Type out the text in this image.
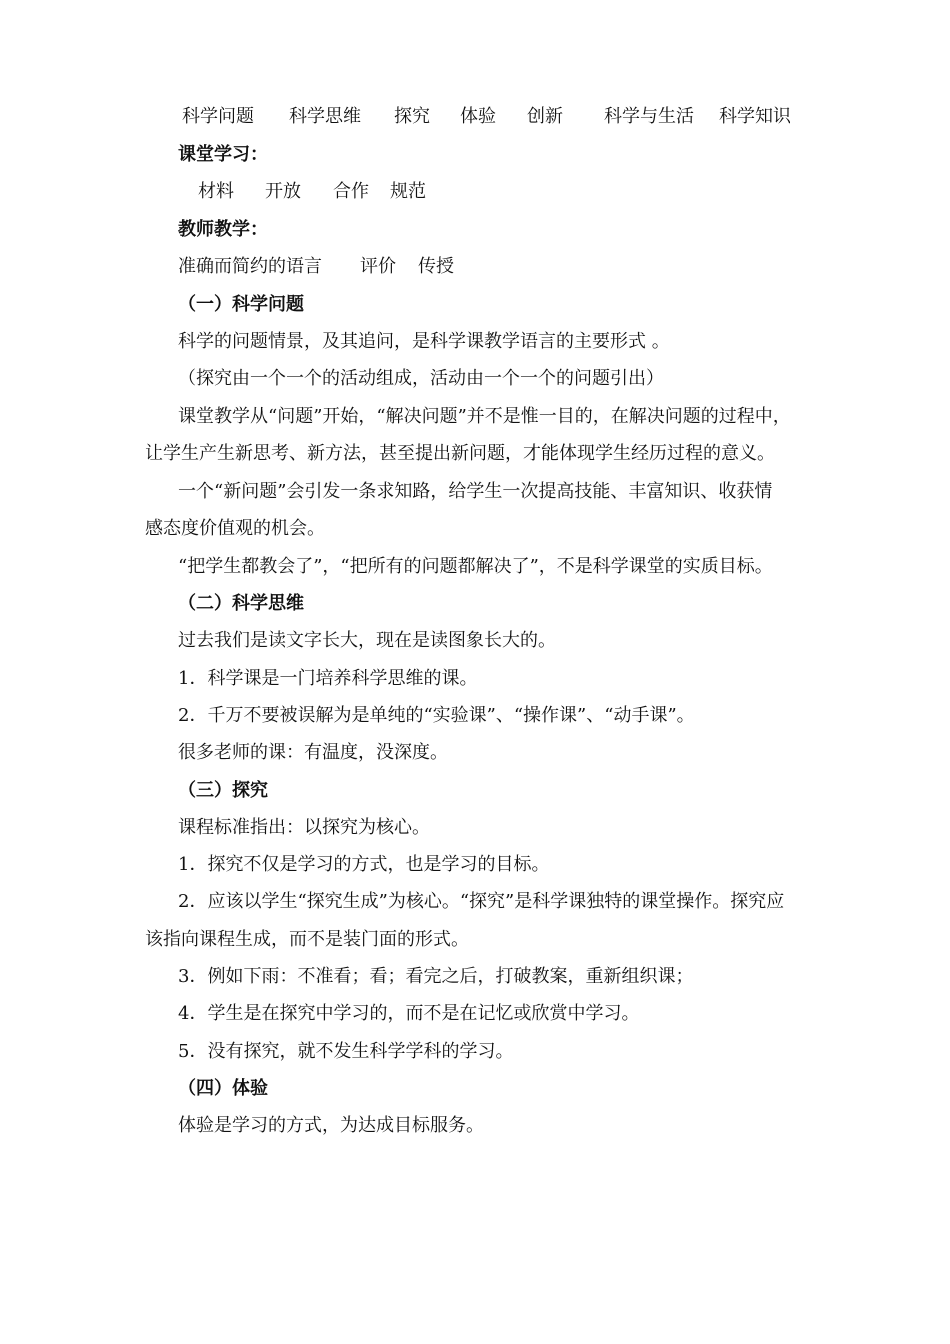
科学问题 科学思维 探究 体验 创新 科学与生活 科学知识
课堂学习：
材料 开放 合作 规范
教师教学：
准确而简约的语言 评价 传授
（一）科学问题
科学的问题情景，及其追问，是科学课教学语言的主要形式 。
（探究由一个一个的活动组成，活动由一个一个的问题引出）
课堂教学从“问题”开始，“解决问题”并不是惟一目的，在解决问题的过程中，
让学生产生新思考、新方法，甚至提出新问题，才能体现学生经历过程的意义。
一个“新问题”会引发一条求知路，给学生一次提高技能、丰富知识、收获情
感态度价值观的机会。
“把学生都教会了”，“把所有的问题都解决了”，不是科学课堂的实质目标。
（二）科学思维
过去我们是读文字长大，现在是读图象长大的。
1．科学课是一门培养科学思维的课。
2．千万不要被误解为是单纯的“实验课”、“操作课”、“动手课”。
很多老师的课：有温度，没深度。
（三）探究
课程标准指出：以探究为核心。
1．探究不仅是学习的方式，也是学习的目标。
2．应该以学生“探究生成”为核心。“探究”是科学课独特的课堂操作。探究应
该指向课程生成，而不是装门面的形式。
3．例如下雨：不准看；看；看完之后，打破教案，重新组织课；
4．学生是在探究中学习的，而不是在记忆或欣赏中学习。
5．没有探究，就不发生科学学科的学习。
（四）体验
体验是学习的方式，为达成目标服务。
